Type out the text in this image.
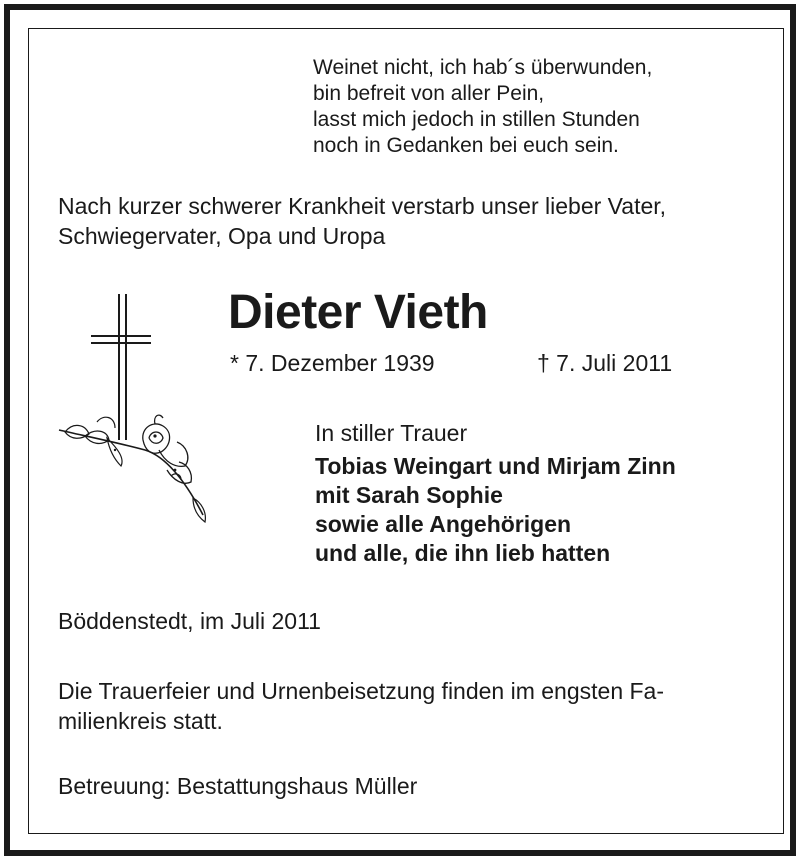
Weinet nicht, ich hab´s überwunden,
bin befreit von aller Pein,
lasst mich jedoch in stillen Stunden
noch in Gedanken bei euch sein.
Nach kurzer schwerer Krankheit verstarb unser lieber Vater,
Schwiegervater, Opa und Uropa
Dieter Vieth
* 7. Dezember 1939	† 7. Juli 2011
In stiller Trauer
Tobias Weingart und Mirjam Zinn
mit Sarah Sophie
sowie alle Angehörigen
und alle, die ihn lieb hatten
Böddenstedt, im Juli 2011
Die Trauerfeier und Urnenbeisetzung finden im engsten Fa-
milienkreis statt.
Betreuung: Bestattungshaus Müller
